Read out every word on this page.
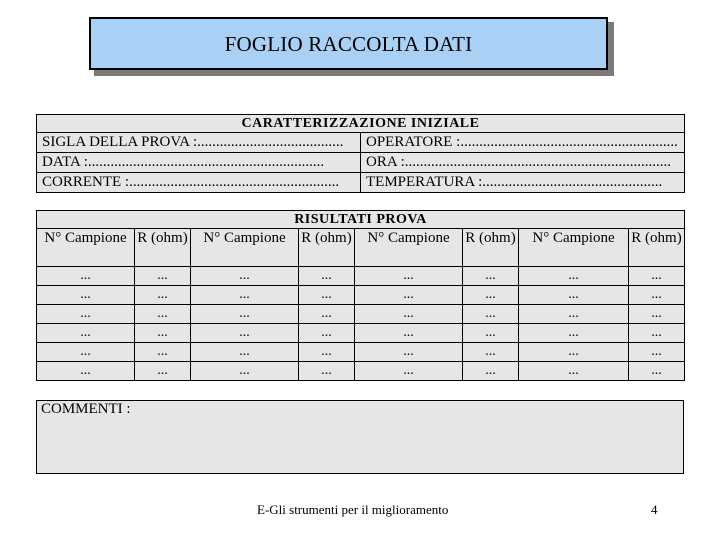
FOGLIO RACCOLTA DATI
CARATTERIZZAZIONE INIZIALE	
SIGLA DELLA PROVA :.......................................	OPERATORE :..........................................................
DATA :...............................................................	ORA :.......................................................................
CORRENTE :........................................................	TEMPERATURA :................................................
RISULTATI PROVA							
N° Campione	R (ohm)	N° Campione	R (ohm)	N° Campione	R (ohm)	N° Campione	R (ohm)
...	...	...	...	...	...	...	...
...	...	...	...	...	...	...	...
...	...	...	...	...	...	...	...
...	...	...	...	...	...	...	...
...	...	...	...	...	...	...	...
...	...	...	...	...	...	...	...
COMMENTI :
E-Gli strumenti per il miglioramento	4
